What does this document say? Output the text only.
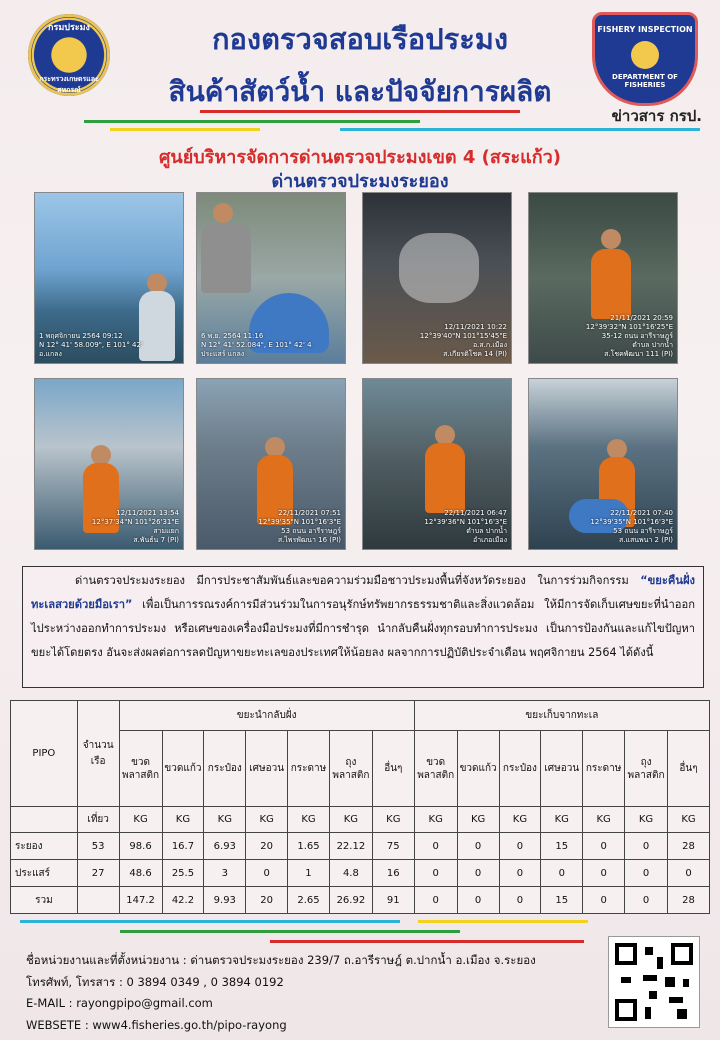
กรมประมง
กระทรวงเกษตรและสหกรณ์
กองตรวจสอบเรือประมง
สินค้าสัตว์น้ำ และปัจจัยการผลิต
FISHERY INSPECTION
DEPARTMENT OF FISHERIES
ข่าวสาร กรป.
ศูนย์บริหารจัดการด่านตรวจประมงเขต 4 (สระแก้ว)
ด่านตรวจประมงระยอง
1 พฤศจิกายน 2564 09:12
N 12° 41' 58.009", E 101° 42'
อ.แกลง
6 พ.ย. 2564 11:16
N 12° 41' 52.084", E 101° 42' 4
ประแสร์ แกลง
12/11/2021 10:22
12°39'40"N 101°15'45"E
อ.ส.ก.เมือง
ส.เกียรติโชค 14 (PI)
21/11/2021 20:59
12°39'32"N 101°16'25"E
35-12 ถนน อารีราษฎร์
ตำบล ปากน้ำ
ส.โชคพัฒนา 111 (PI)
12/11/2021 13:54
12°37'34"N 101°26'31"E
สามแยก
ส.พันธ์น 7 (PI)
22/11/2021 07:51
12°39'35"N 101°16'3"E
53 ถนน อารีราษฎร์
ส.ไพรพัฒนา 16 (PI)
22/11/2021 06:47
12°39'36"N 101°16'3"E
ตำบล ปากน้ำ
อำเภอเมือง
22/11/2021 07:40
12°39'35"N 101°16'3"E
53 ถนน อารีราษฎร์
ส.แสนพนา 2 (PI)

ด่านตรวจประมงระยอง มีการประชาสัมพันธ์และขอความร่วมมือชาวประมงพื้นที่จังหวัดระยอง ในการร่วมกิจกรรม “ขยะคืนฝั่ง ทะเลสวยด้วยมือเรา” เพื่อเป็นการรณรงค์การมีส่วนร่วมในการอนุรักษ์ทรัพยากรธรรมชาติและสิ่งแวดล้อม ให้มีการจัดเก็บเศษขยะที่นำออกไประหว่างออกทำการประมง หรือเศษของเครื่องมือประมงที่มีการชำรุด นำกลับคืนฝั่งทุกรอบทำการประมง เป็นการป้องกันและแก้ไขปัญหาขยะได้โดยตรง อันจะส่งผลต่อการลดปัญหาขยะทะเลของประเทศให้น้อยลง ผลจากการปฏิบัติประจำเดือน พฤศจิกายน 2564 ได้ดังนี้

PIPO	จำนวนเรือ	ขยะนำกลับฝั่ง							ขยะเก็บจากทะเล						
		ขวดพลาสติก	ขวดแก้ว	กระป๋อง	เศษอวน	กระดาษ	ถุงพลาสติก	อื่นๆ	ขวดพลาสติก	ขวดแก้ว	กระป๋อง	เศษอวน	กระดาษ	ถุงพลาสติก	อื่นๆ
	เที่ยว	KG	KG	KG	KG	KG	KG	KG	KG	KG	KG	KG	KG	KG	KG
ระยอง	53	98.6	16.7	6.93	20	1.65	22.12	75	0	0	0	15	0	0	28
ประแสร์	27	48.6	25.5	3	0	1	4.8	16	0	0	0	0	0	0	0
รวม		147.2	42.2	9.93	20	2.65	26.92	91	0	0	0	15	0	0	28
ชื่อหน่วยงานและที่ตั้งหน่วยงาน : ด่านตรวจประมงระยอง 239/7 ถ.อารีราษฎ์ ต.ปากน้ำ อ.เมือง จ.ระยอง
โทรศัพท์, โทรสาร : 0 3894 0349 , 0 3894 0192
E-MAIL : rayongpipo@gmail.com
WEBSETE : www4.fisheries.go.th/pipo-rayong
